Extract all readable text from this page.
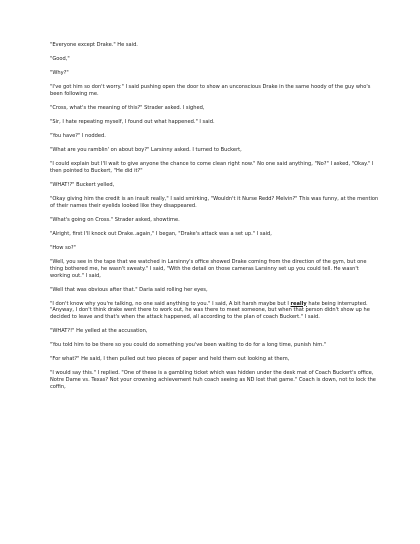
"Everyone except Drake." He said.

"Good,"

"Why?"

"I've got him so don't worry." I said pushing open the door to show an unconscious Drake in the same hoody of the guy who's been following me.

"Cross, what's the meaning of this?" Strader asked. I sighed,

"Sir, I hate repeating myself, I found out what happened." I said.

"You have?" I nodded.

"What are you ramblin' on about boy?" Larsinny asked. I turned to Buckert,

"I could explain but I'll wait to give anyone the chance to come clean right now." No one said anything, "No?" I asked, "Okay." I then pointed to Buckert, "He did it?"

"WHAT!?" Buckert yelled,

"Okay giving him the credit is an insult really," I said smirking, "Wouldn't it Nurse Redd? Melvin?" This was funny, at the mention of their names their eyelids looked like they disappeared.

"What's going on Cross." Strader asked, showtime.

"Alright, first I'll knock out Drake..again," I began, "Drake's attack was a set up." I said,

"How so?"

"Well, you see in the tape that we watched in Larsinny's office showed Drake coming from the direction of the gym, but one thing bothered me, he wasn't sweaty." I said, "With the detail on those cameras Larsinny set up you could tell. He wasn't working out." I said,

"Well that was obvious after that." Daria said rolling her eyes,

"I don't know why you're talking, no one said anything to you." I said, A bit harsh maybe but I really hate being interrupted. "Anyway, I don't think drake went there to work out, he was there to meet someone, but when that person didn't show up he decided to leave and that's when the attack happened, all according to the plan of coach Buckert." I said.

"WHAT?!" He yelled at the accusation,

"You told him to be there so you could do something you've been waiting to do for a long time, punish him."

"For what?" He said, I then pulled out two pieces of paper and held them out looking at them,

"I would say this." I replied. "One of these is a gambling ticket which was hidden under the desk mat of Coach Buckert's office, Notre Dame vs. Texas? Not your crowning achievement huh coach seeing as ND lost that game." Coach is down, not to lock the coffin,
